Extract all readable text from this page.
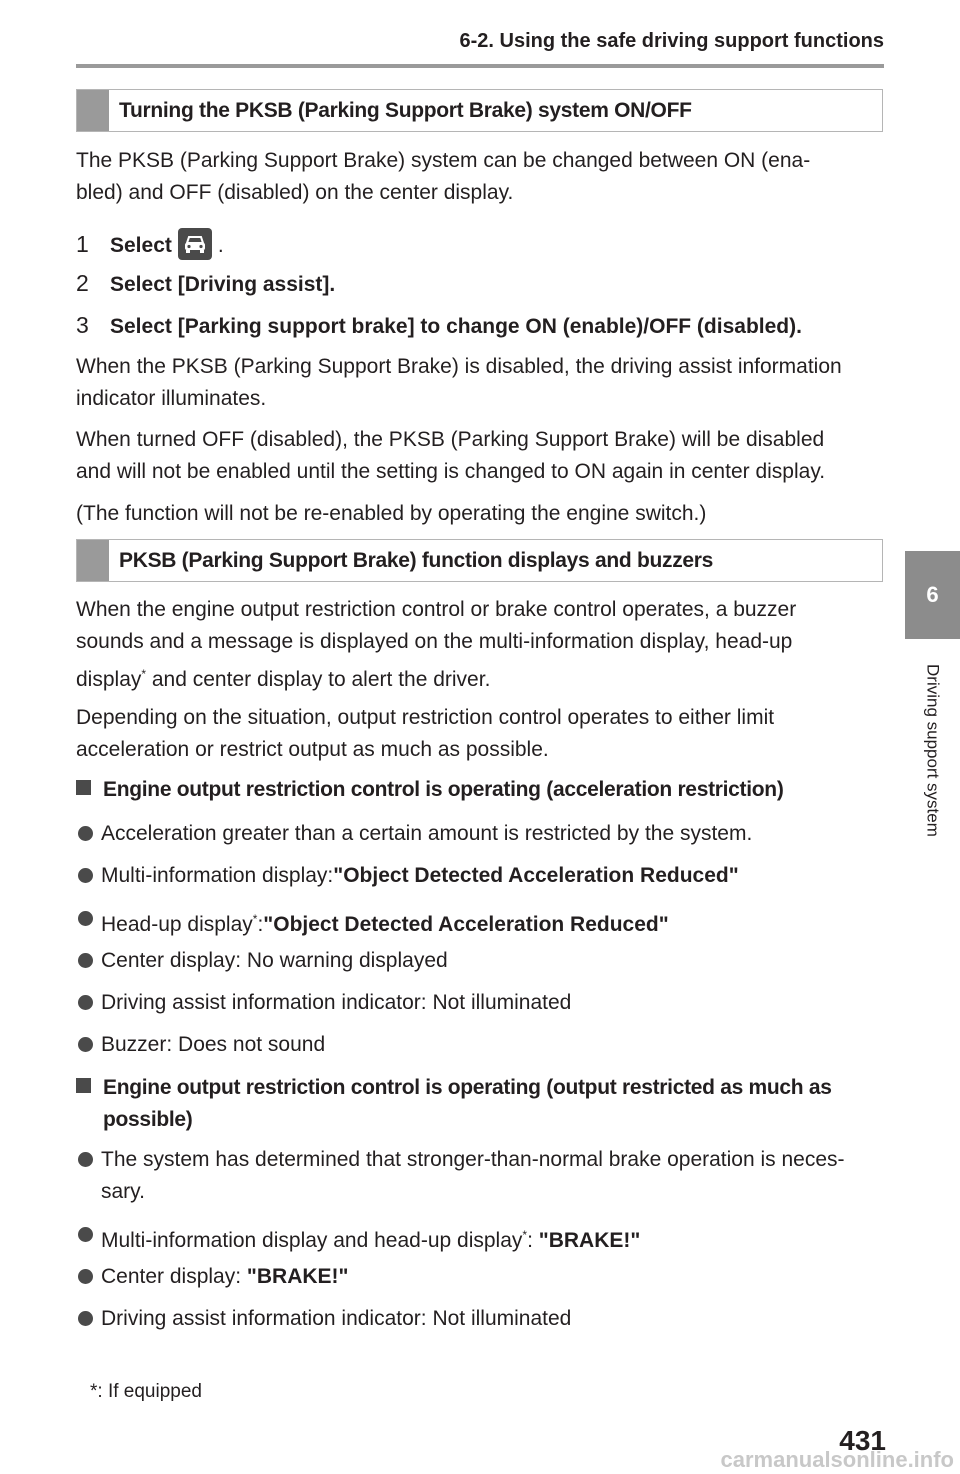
6-2. Using the safe driving support functions
6
Driving support system
Turning the PKSB (Parking Support Brake) system ON/OFF
The PKSB (Parking Support Brake) system can be changed between ON (ena-
bled) and OFF (disabled) on the center display.
1 Select .
2 Select [Driving assist].
3 Select [Parking support brake] to change ON (enable)/OFF (disabled).
When the PKSB (Parking Support Brake) is disabled, the driving assist information
indicator illuminates.
When turned OFF (disabled), the PKSB (Parking Support Brake) will be disabled
and will not be enabled until the setting is changed to ON again in center display.
(The function will not be re-enabled by operating the engine switch.)
PKSB (Parking Support Brake) function displays and buzzers
When the engine output restriction control or brake control operates, a buzzer
sounds and a message is displayed on the multi-information display, head-up
display* and center display to alert the driver.
Depending on the situation, output restriction control operates to either limit
acceleration or restrict output as much as possible.
Engine output restriction control is operating (acceleration restriction)
Acceleration greater than a certain amount is restricted by the system.
Multi-information display:"Object Detected Acceleration Reduced"
Head-up display*:"Object Detected Acceleration Reduced"
Center display: No warning displayed
Driving assist information indicator: Not illuminated
Buzzer: Does not sound
Engine output restriction control is operating (output restricted as much as
possible)
The system has determined that stronger-than-normal brake operation is neces-
sary.
Multi-information display and head-up display*: "BRAKE!"
Center display: "BRAKE!"
Driving assist information indicator: Not illuminated
*: If equipped
431
carmanualsonline.info
